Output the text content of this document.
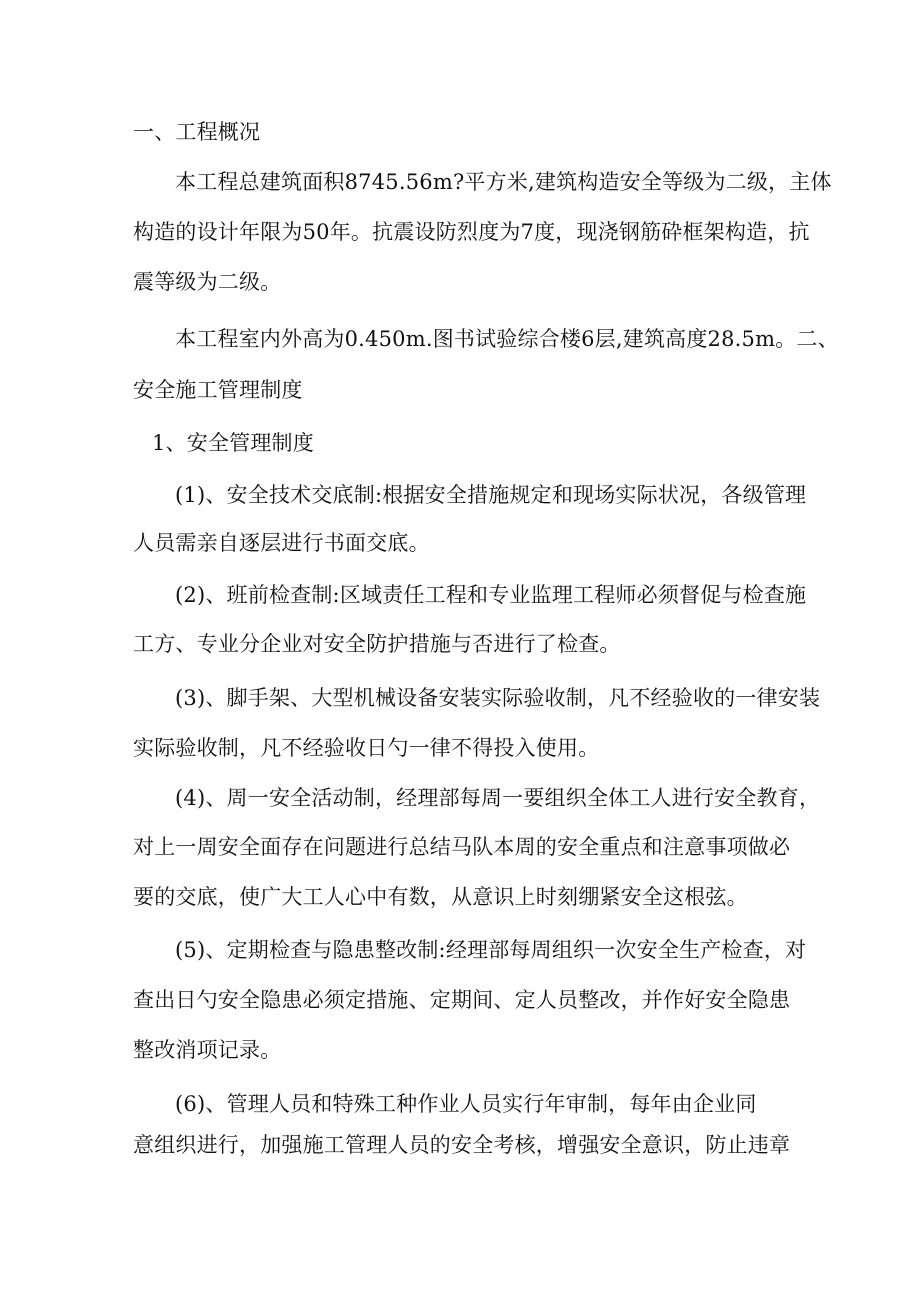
一、工程概况
本工程总建筑面积8745.56m?平方米,建筑构造安全等级为二级，主体
构造的设计年限为50年。抗震设防烈度为7度，现浇钢筋砕框架构造，抗
震等级为二级。
本工程室内外高为0.450m.图书试验综合楼6层,建筑高度28.5m。二、
安全施工管理制度
1、安全管理制度
(1)、安全技术交底制:根据安全措施规定和现场实际状况，各级管理
人员需亲自逐层进行书面交底。
(2)、班前检查制:区域责任工程和专业监理工程师必须督促与检查施
工方、专业分企业对安全防护措施与否进行了检查。
(3)、脚手架、大型机械设备安装实际验收制，凡不经验收的一律安装
实际验收制，凡不经验收日勺一律不得投入使用。
(4)、周一安全活动制，经理部每周一要组织全体工人进行安全教育，
对上一周安全面存在问题进行总结马队本周的安全重点和注意事项做必
要的交底，使广大工人心中有数，从意识上时刻绷紧安全这根弦。
(5)、定期检查与隐患整改制:经理部每周组织一次安全生产检查，对
查出日勺安全隐患必须定措施、定期间、定人员整改，并作好安全隐患
整改消项记录。
(6)、管理人员和特殊工种作业人员实行年审制，每年由企业同
意组织进行，加强施工管理人员的安全考核，增强安全意识，防止违章
